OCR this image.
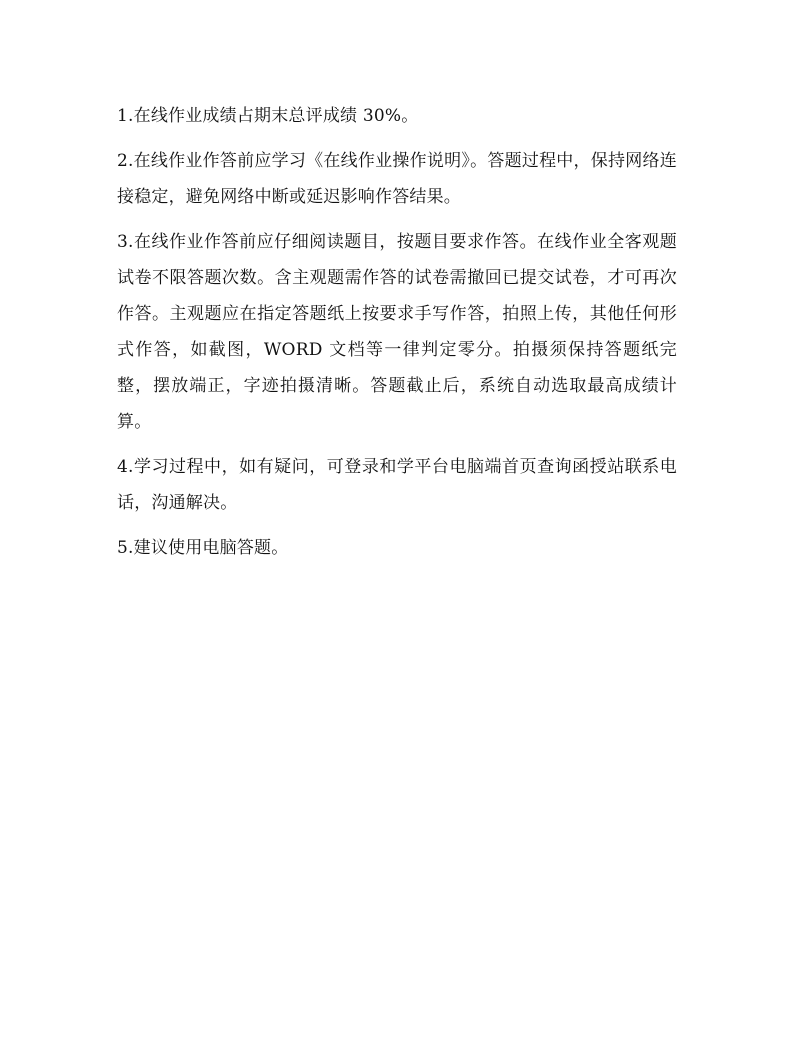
1.在线作业成绩占期末总评成绩 30%。

2.在线作业作答前应学习《在线作业操作说明》。答题过程中，保持网络连接稳定，避免网络中断或延迟影响作答结果。

3.在线作业作答前应仔细阅读题目，按题目要求作答。在线作业全客观题试卷不限答题次数。含主观题需作答的试卷需撤回已提交试卷，才可再次作答。主观题应在指定答题纸上按要求手写作答，拍照上传，其他任何形式作答，如截图，WORD 文档等一律判定零分。拍摄须保持答题纸完整，摆放端正，字迹拍摄清晰。答题截止后，系统自动选取最高成绩计算。

4.学习过程中，如有疑问，可登录和学平台电脑端首页查询函授站联系电话，沟通解决。

5.建议使用电脑答题。
